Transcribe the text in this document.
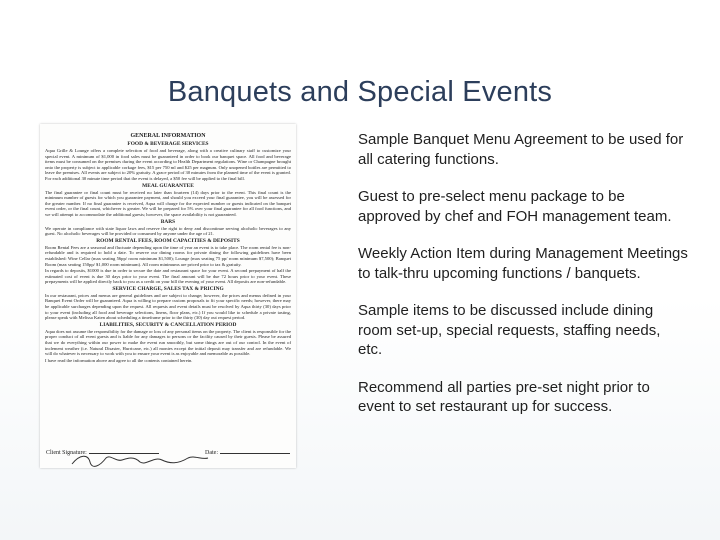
Banquets and Special Events
GENERAL INFORMATION
FOOD & BEVERAGE SERVICES
Aqua Grille & Lounge offers a complete selection of food and beverage, along with a creative culinary staff to customize your special event. A minimum of $1,000 in food sales must be guaranteed in order to book our banquet space. All food and beverage items must be consumed on the premises during the event according to Health Department regulations. Wine or Champagne brought onto the property is subject to applicable corkage fees, $15 per 750 ml and $25 per magnum. Only unopened bottles are permitted to leave the premises. All events are subject to 20% gratuity. A grace period of 30 minutes from the planned time of the event is granted. For each additional 30 minute time period that the event is delayed, a $50 fee will be applied to the final bill.
MEAL GUARANTEE
The final guarantee or final count must be received no later than fourteen (14) days prior to the event. This final count is the minimum number of guests for which you guarantee payment, and should you exceed your final guarantee, you will be assessed for the greater number. If no final guarantee is received, Aqua will charge for the expected number or guests indicated on the banquet event order, or the final count, whichever is greater. We will be prepared for 5% over your final guarantee for all food functions, and we will attempt to accommodate the additional guests; however, the space availability is not guaranteed.
BARS
We operate in compliance with state liquor laws and reserve the right to deny and discontinue serving alcoholic beverages to any guest. No alcoholic beverages will be provided or consumed by anyone under the age of 21.
ROOM RENTAL FEES, ROOM CAPACITIES & DEPOSITS
Room Rental Fees are a seasonal and fluctuate depending upon the time of year an event is to take place. The room rental fee is non-refundable and is required to hold a date. To reserve our dining rooms for private dining the following guidelines have been established: Wine Cellar (max seating 56pp/ room minimum $1,500); Lounge (max seating 75 pp/ room minimum $7,500); Banquet Room (max seating 150pp/ $1,000 room minimum). All room minimums are priced prior to tax & gratuity.
In regards to deposits, $1000 is due in order to secure the date and restaurant space for your event. A second prepayment of half the estimated cost of event is due 30 days prior to your event. The final amount will be due 72 hours prior to your event. These prepayments will be applied directly back to you as a credit on your bill the evening of your event. All deposits are non-refundable.
SERVICE CHARGE, SALES TAX & PRICING
In our restaurant, prices and menus are general guidelines and are subject to change; however, the prices and menus defined in your Banquet Event Order will be guaranteed. Aqua is willing to prepare custom proposals to fit your specific needs; however, there may be applicable surcharges depending upon the request. All requests and event details must be resolved by Aqua thirty (30) days prior to your event (including all food and beverage selections, linens, floor plans, etc.) If you would like to schedule a private tasting, please speak with Melissa Katen about scheduling a timeframe prior to the thirty (30) day out request period.
LIABILITIES, SECURITY & CANCELLATION PERIOD
Aqua does not assume the responsibility for the damage or loss of any personal items on the property. The client is responsible for the proper conduct of all event guests and is liable for any damages to persons or the facility caused by their guests. Please be assured that we do everything within our power to make the event run smoothly, but some things are out of our control. In the event of inclement weather (i.e. Natural Disaster, Hurricane, etc.) all monies except the initial deposit may transfer and are refundable. We will do whatever is necessary to work with you to ensure your event is as enjoyable and memorable as possible.
I have read the information above and agree to all the contents contained herein.
Client Signature:	Date:
Sample Banquet Menu Agreement to be used for all catering functions.
Guest to pre-select menu package to be approved by chef and FOH management team.
Weekly Action Item during Management Meetings to talk-thru upcoming functions / banquets.
Sample items to be discussed include dining room set-up, special requests, staffing needs, etc.
Recommend all parties pre-set night prior to event to set restaurant up for success.
